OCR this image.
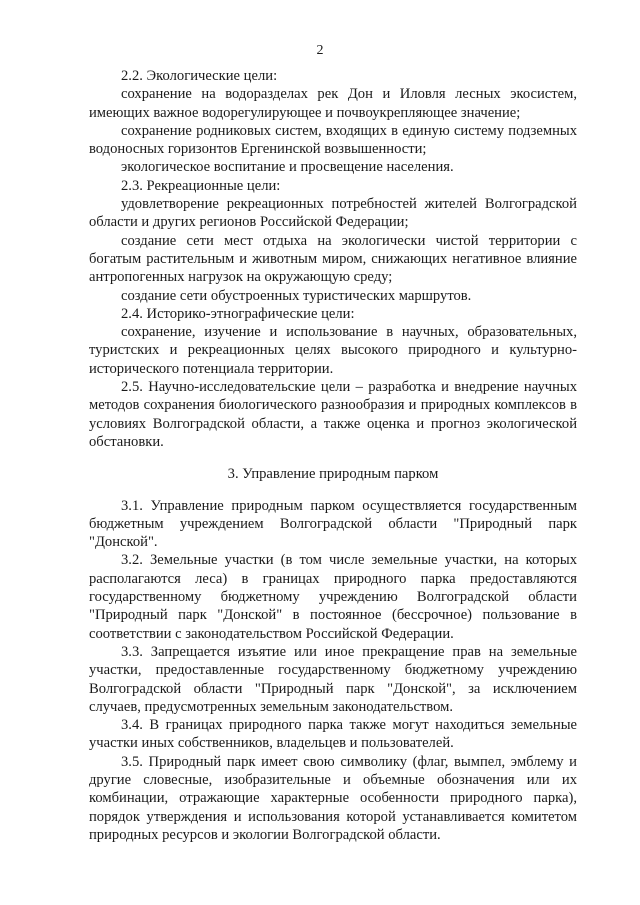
2

2.2. Экологические цели:

сохранение на водоразделах рек Дон и Иловля лесных экосистем, имеющих важное водорегулирующее и почвоукрепляющее значение;

сохранение родниковых систем, входящих в единую систему подземных водоносных горизонтов Ергенинской возвышенности;

экологическое воспитание и просвещение населения.

2.3. Рекреационные цели:

удовлетворение рекреационных потребностей жителей Волгоградской области и других регионов Российской Федерации;

создание сети мест отдыха на экологически чистой территории с богатым растительным и животным миром, снижающих негативное влияние антропогенных нагрузок на окружающую среду;

создание сети обустроенных туристических маршрутов.

2.4. Историко-этнографические цели:

сохранение, изучение и использование в научных, образовательных, туристских и рекреационных целях высокого природного и культурно-исторического потенциала территории.

2.5. Научно-исследовательские цели – разработка и внедрение научных методов сохранения биологического разнообразия и природных комплексов в условиях Волгоградской области, а также оценка и прогноз экологической обстановки.

3. Управление природным парком

3.1. Управление природным парком осуществляется государственным бюджетным учреждением Волгоградской области "Природный парк "Донской".

3.2. Земельные участки (в том числе земельные участки, на которых располагаются леса) в границах природного парка предоставляются государственному бюджетному учреждению Волгоградской области "Природный парк "Донской" в постоянное (бессрочное) пользование в соответствии с законодательством Российской Федерации.

3.3. Запрещается изъятие или иное прекращение прав на земельные участки, предоставленные государственному бюджетному учреждению Волгоградской области "Природный парк "Донской", за исключением случаев, предусмотренных земельным законодательством.

3.4. В границах природного парка также могут находиться земельные участки иных собственников, владельцев и пользователей.

3.5. Природный парк имеет свою символику (флаг, вымпел, эмблему и другие словесные, изобразительные и объемные обозначения или их комбинации, отражающие характерные особенности природного парка), порядок утверждения и использования которой устанавливается комитетом природных ресурсов и экологии Волгоградской области.
